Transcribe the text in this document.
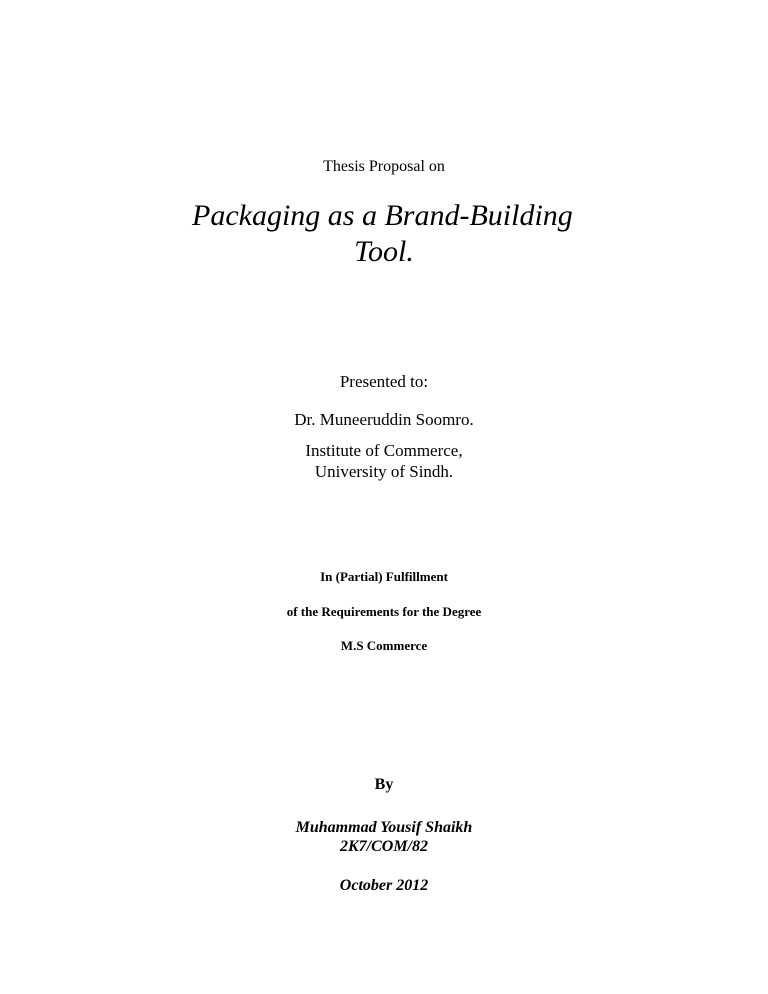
Thesis Proposal on

Packaging as a Brand-Building

Tool.

Presented to:

Dr. Muneeruddin Soomro.

Institute of Commerce,

University of Sindh.

In (Partial) Fulfillment

of the Requirements for the Degree

M.S Commerce

By

Muhammad Yousif Shaikh

2K7/COM/82

October 2012
